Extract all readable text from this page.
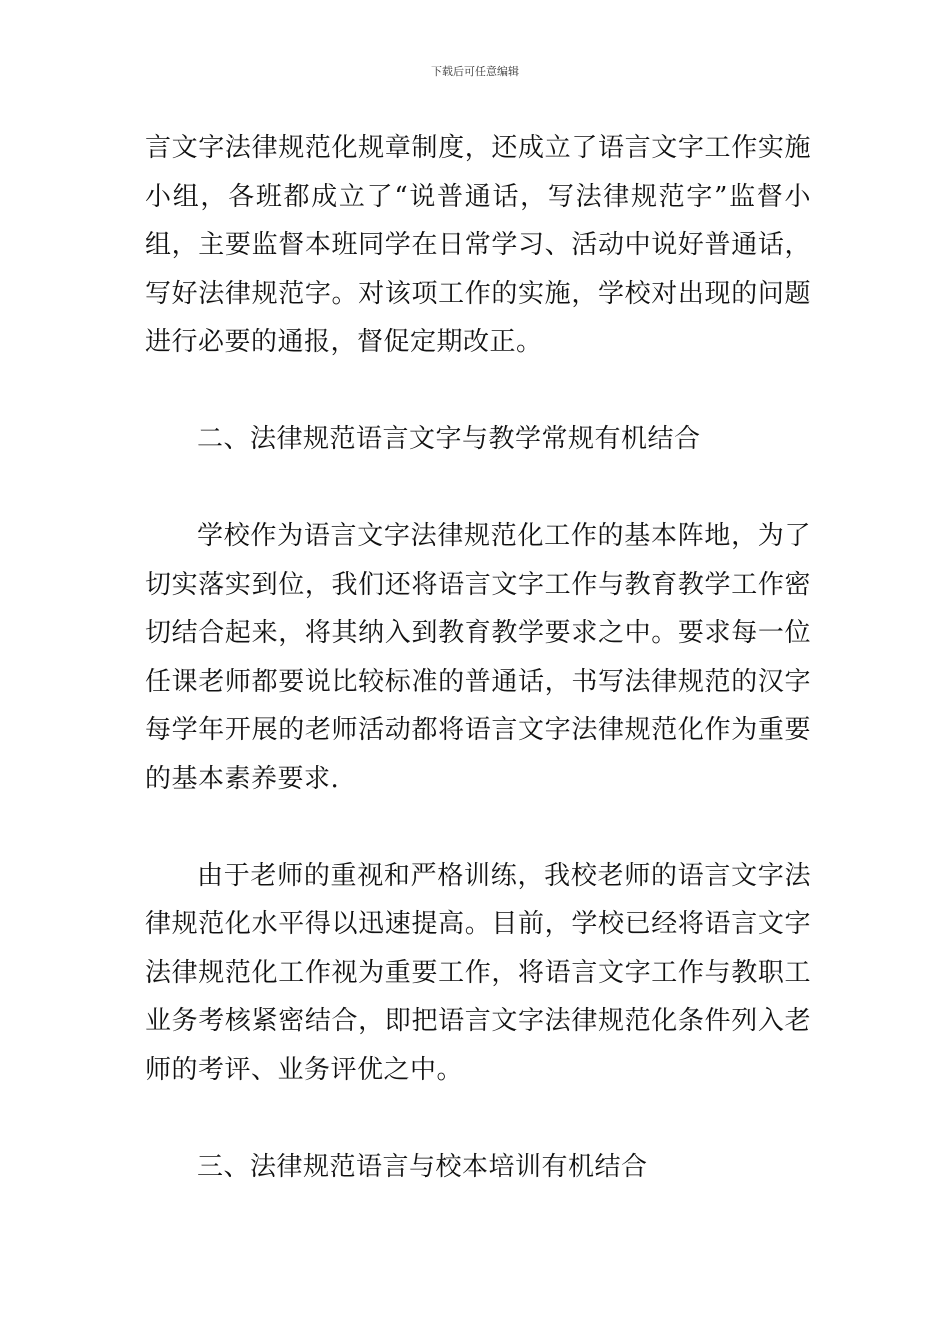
下载后可任意编辑

言文字法律规范化规章制度，还成立了语言文字工作实施小组，各班都成立了“说普通话，写法律规范字”监督小组，主要监督本班同学在日常学习、活动中说好普通话，写好法律规范字。对该项工作的实施，学校对出现的问题进行必要的通报，督促定期改正。

二、法律规范语言文字与教学常规有机结合

学校作为语言文字法律规范化工作的基本阵地，为了切实落实到位，我们还将语言文字工作与教育教学工作密切结合起来，将其纳入到教育教学要求之中。要求每一位任课老师都要说比较标准的普通话，书写法律规范的汉字每学年开展的老师活动都将语言文字法律规范化作为重要的基本素养要求.

由于老师的重视和严格训练，我校老师的语言文字法律规范化水平得以迅速提高。目前，学校已经将语言文字法律规范化工作视为重要工作，将语言文字工作与教职工业务考核紧密结合，即把语言文字法律规范化条件列入老师的考评、业务评优之中。

三、法律规范语言与校本培训有机结合
